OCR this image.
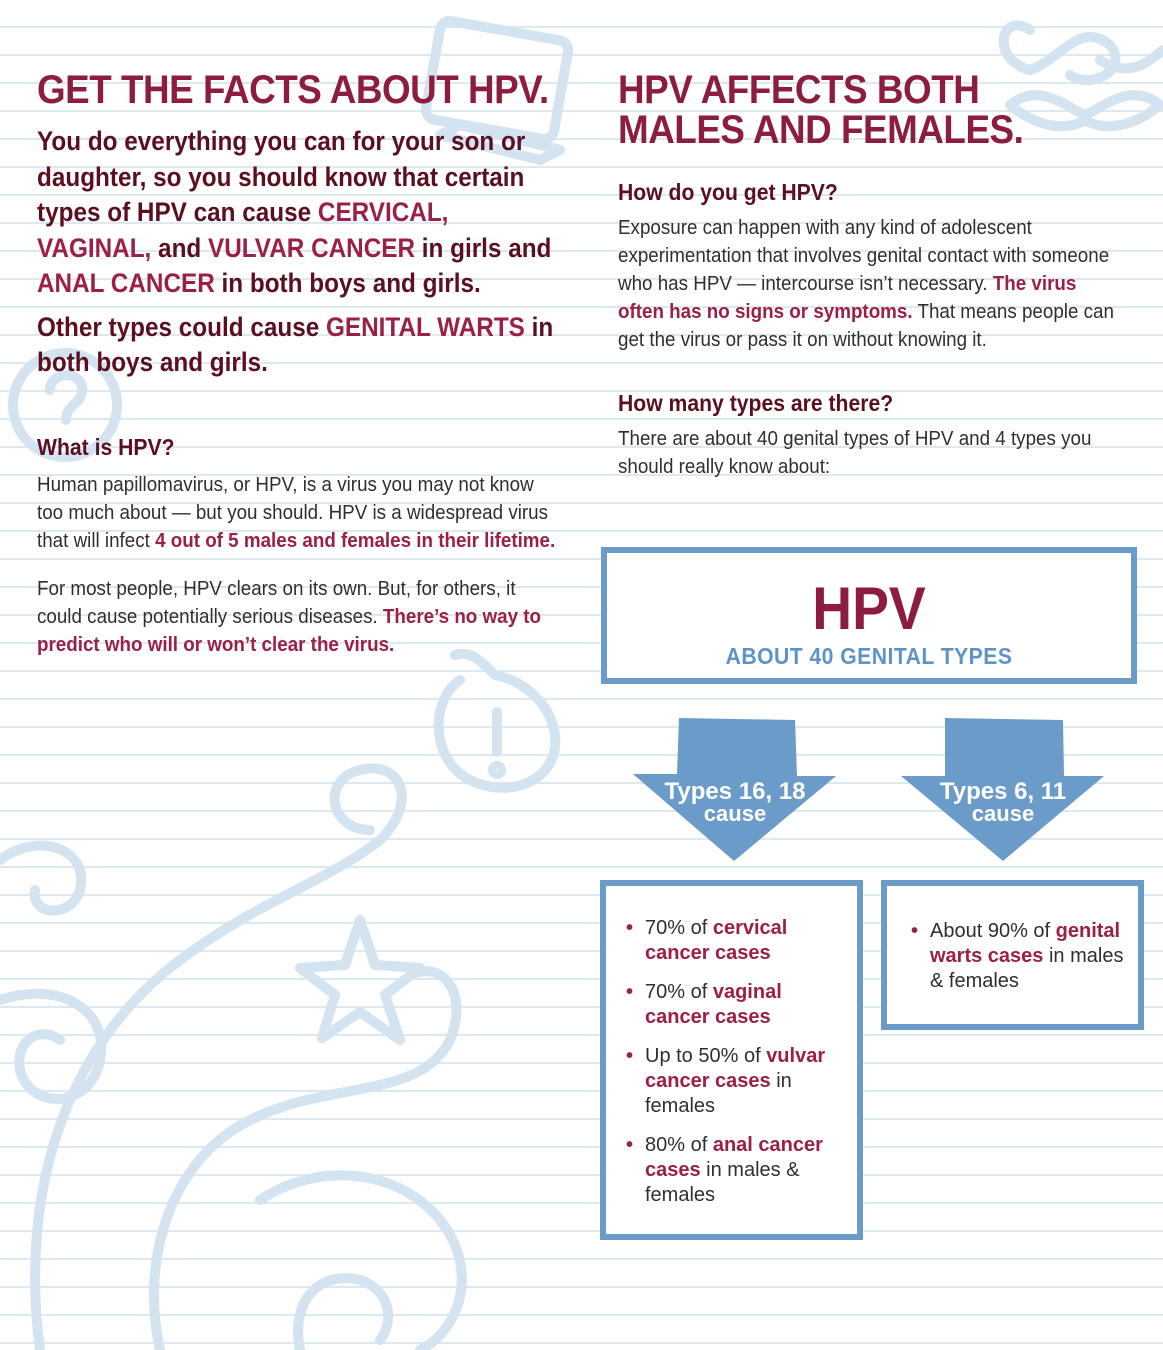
GET THE FACTS ABOUT HPV.

You do everything you can for your son or daughter, so you should know that certain types of HPV can cause CERVICAL, VAGINAL, and VULVAR CANCER in girls and ANAL CANCER in both boys and girls.

Other types could cause GENITAL WARTS in both boys and girls.

What is HPV?

Human papillomavirus, or HPV, is a virus you may not know too much about — but you should. HPV is a widespread virus that will infect 4 out of 5 males and females in their lifetime.

For most people, HPV clears on its own. But, for others, it could cause potentially serious diseases. There’s no way to predict who will or won’t clear the virus.

HPV AFFECTS BOTH
MALES AND FEMALES.
How do you get HPV?

Exposure can happen with any kind of adolescent experimentation that involves genital contact with someone who has HPV — intercourse isn’t necessary. The virus often has no signs or symptoms. That means people can get the virus or pass it on without knowing it.

How many types are there?

There are about 40 genital types of HPV and 4 types you should really know about:

HPV
ABOUT 40 GENITAL TYPES
Types 16, 18
cause
Types 6, 11
cause
• 70% of cervical cancer cases
• 70% of vaginal cancer cases
• Up to 50% of vulvar cancer cases in females
• 80% of anal cancer cases in males & females
• About 90% of genital warts cases in males & females
